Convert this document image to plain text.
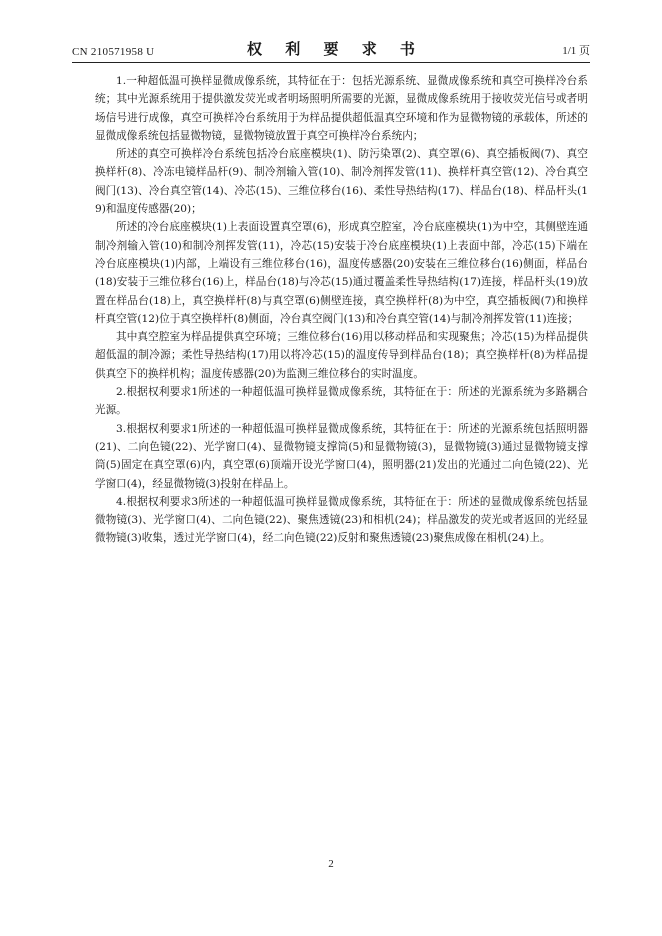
CN 210571958 U	权 利 要 求 书	1/1 页

1.一种超低温可换样显微成像系统，其特征在于：包括光源系统、显微成像系统和真空可换样冷台系统；其中光源系统用于提供激发荧光或者明场照明所需要的光源，显微成像系统用于接收荧光信号或者明场信号进行成像，真空可换样冷台系统用于为样品提供超低温真空环境和作为显微物镜的承载体，所述的显微成像系统包括显微物镜，显微物镜放置于真空可换样冷台系统内；

所述的真空可换样冷台系统包括冷台底座模块(1)、防污染罩(2)、真空罩(6)、真空插板阀(7)、真空换样杆(8)、冷冻电镜样品杆(9)、制冷剂输入管(10)、制冷剂挥发管(11)、换样杆真空管(12)、冷台真空阀门(13)、冷台真空管(14)、冷芯(15)、三维位移台(16)、柔性导热结构(17)、样品台(18)、样品杆头(19)和温度传感器(20)；

所述的冷台底座模块(1)上表面设置真空罩(6)，形成真空腔室，冷台底座模块(1)为中空，其侧壁连通制冷剂输入管(10)和制冷剂挥发管(11)，冷芯(15)安装于冷台底座模块(1)上表面中部，冷芯(15)下端在冷台底座模块(1)内部，上端设有三维位移台(16)，温度传感器(20)安装在三维位移台(16)侧面，样品台(18)安装于三维位移台(16)上，样品台(18)与冷芯(15)通过覆盖柔性导热结构(17)连接，样品杆头(19)放置在样品台(18)上，真空换样杆(8)与真空罩(6)侧壁连接，真空换样杆(8)为中空，真空插板阀(7)和换样杆真空管(12)位于真空换样杆(8)侧面，冷台真空阀门(13)和冷台真空管(14)与制冷剂挥发管(11)连接；

其中真空腔室为样品提供真空环境；三维位移台(16)用以移动样品和实现聚焦；冷芯(15)为样品提供超低温的制冷源；柔性导热结构(17)用以将冷芯(15)的温度传导到样品台(18)；真空换样杆(8)为样品提供真空下的换样机构；温度传感器(20)为监测三维位移台的实时温度。

2.根据权利要求1所述的一种超低温可换样显微成像系统，其特征在于：所述的光源系统为多路耦合光源。

3.根据权利要求1所述的一种超低温可换样显微成像系统，其特征在于：所述的光源系统包括照明器(21)、二向色镜(22)、光学窗口(4)、显微物镜支撑筒(5)和显微物镜(3)，显微物镜(3)通过显微物镜支撑筒(5)固定在真空罩(6)内，真空罩(6)顶端开设光学窗口(4)，照明器(21)发出的光通过二向色镜(22)、光学窗口(4)，经显微物镜(3)投射在样品上。

4.根据权利要求3所述的一种超低温可换样显微成像系统，其特征在于：所述的显微成像系统包括显微物镜(3)、光学窗口(4)、二向色镜(22)、聚焦透镜(23)和相机(24)；样品激发的荧光或者返回的光经显微物镜(3)收集，透过光学窗口(4)，经二向色镜(22)反射和聚焦透镜(23)聚焦成像在相机(24)上。

2
